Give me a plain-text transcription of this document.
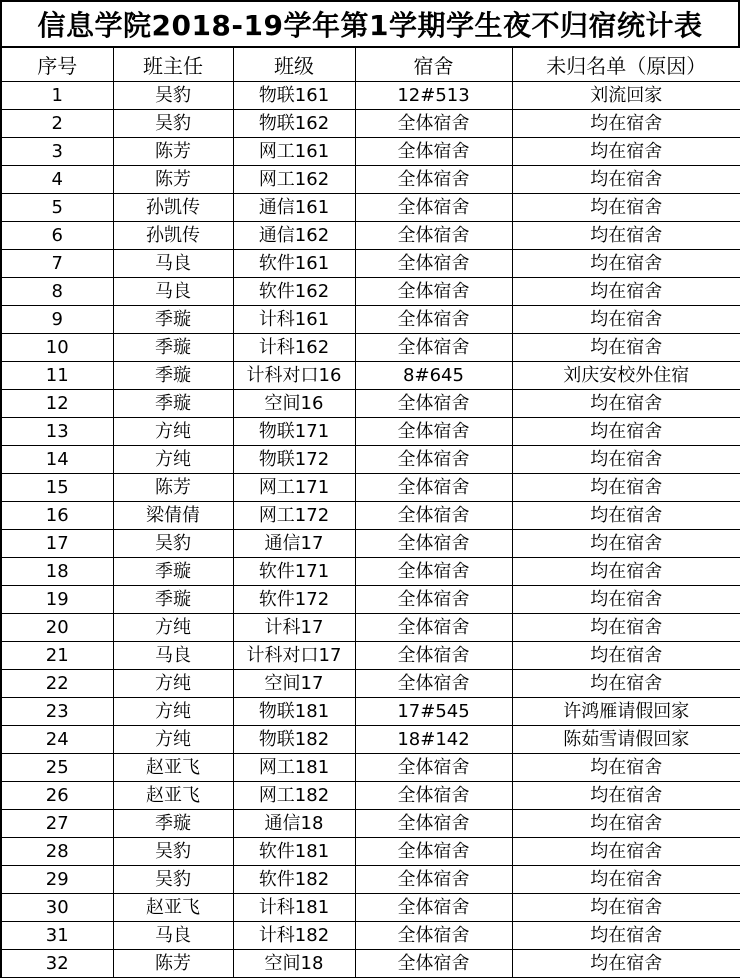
信息学院2018-19学年第1学期学生夜不归宿统计表
序号	班主任	班级	宿舍	未归名单（原因）
1	吴豹	物联161	12#513	刘流回家
2	吴豹	物联162	全体宿舍	均在宿舍
3	陈芳	网工161	全体宿舍	均在宿舍
4	陈芳	网工162	全体宿舍	均在宿舍
5	孙凯传	通信161	全体宿舍	均在宿舍
6	孙凯传	通信162	全体宿舍	均在宿舍
7	马良	软件161	全体宿舍	均在宿舍
8	马良	软件162	全体宿舍	均在宿舍
9	季璇	计科161	全体宿舍	均在宿舍
10	季璇	计科162	全体宿舍	均在宿舍
11	季璇	计科对口16	8#645	刘庆安校外住宿
12	季璇	空间16	全体宿舍	均在宿舍
13	方纯	物联171	全体宿舍	均在宿舍
14	方纯	物联172	全体宿舍	均在宿舍
15	陈芳	网工171	全体宿舍	均在宿舍
16	梁倩倩	网工172	全体宿舍	均在宿舍
17	吴豹	通信17	全体宿舍	均在宿舍
18	季璇	软件171	全体宿舍	均在宿舍
19	季璇	软件172	全体宿舍	均在宿舍
20	方纯	计科17	全体宿舍	均在宿舍
21	马良	计科对口17	全体宿舍	均在宿舍
22	方纯	空间17	全体宿舍	均在宿舍
23	方纯	物联181	17#545	许鸿雁请假回家
24	方纯	物联182	18#142	陈茹雪请假回家
25	赵亚飞	网工181	全体宿舍	均在宿舍
26	赵亚飞	网工182	全体宿舍	均在宿舍
27	季璇	通信18	全体宿舍	均在宿舍
28	吴豹	软件181	全体宿舍	均在宿舍
29	吴豹	软件182	全体宿舍	均在宿舍
30	赵亚飞	计科181	全体宿舍	均在宿舍
31	马良	计科182	全体宿舍	均在宿舍
32	陈芳	空间18	全体宿舍	均在宿舍
